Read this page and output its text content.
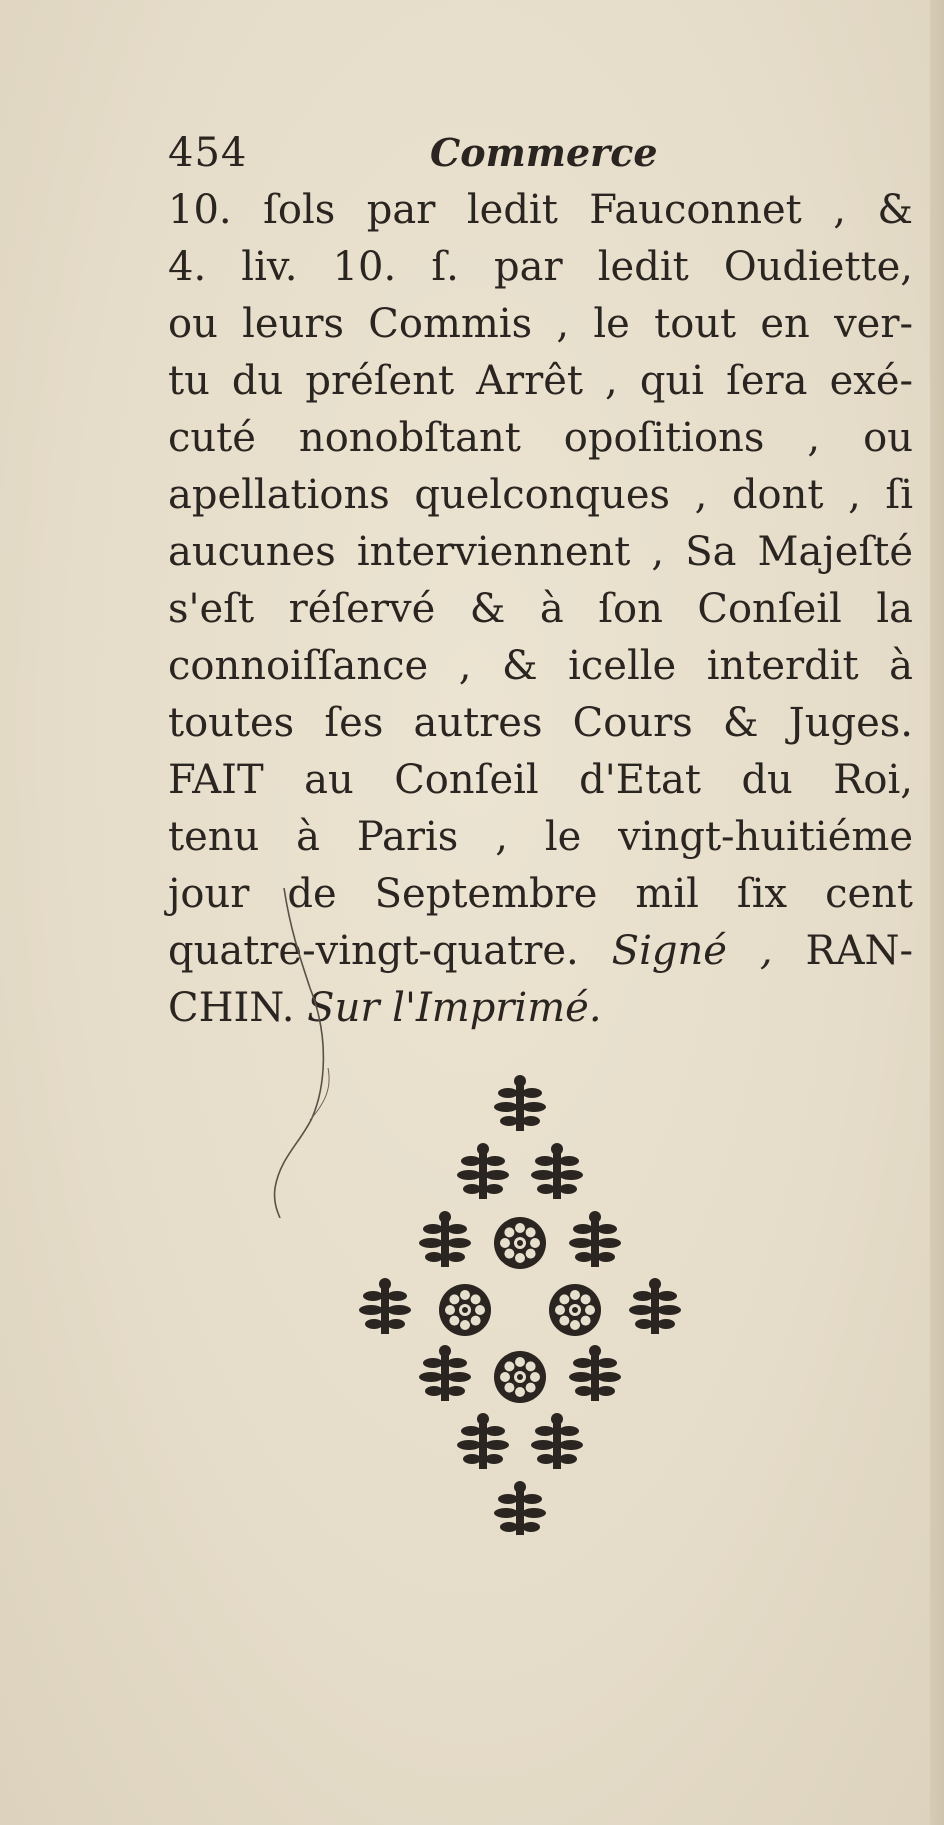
454	Commerce
10. ſols par ledit Fauconnet , &
4. liv. 10. ſ. par ledit Oudiette,
ou leurs Commis , le tout en ver-
tu du préſent Arrêt , qui ſera exé-
cuté nonobſtant opoſitions , ou
apellations quelconques , dont , ſi
aucunes interviennent , Sa Majeſté
s'eſt réſervé & à ſon Conſeil la
connoiſſance , & icelle interdit à
toutes ſes autres Cours & Juges.
FAIT au Conſeil d'Etat du Roi,
tenu à Paris , le vingt-huitiéme
jour de Septembre mil ſix cent
quatre-vingt-quatre. Signé , RAN-
CHIN. Sur l'Imprimé.
